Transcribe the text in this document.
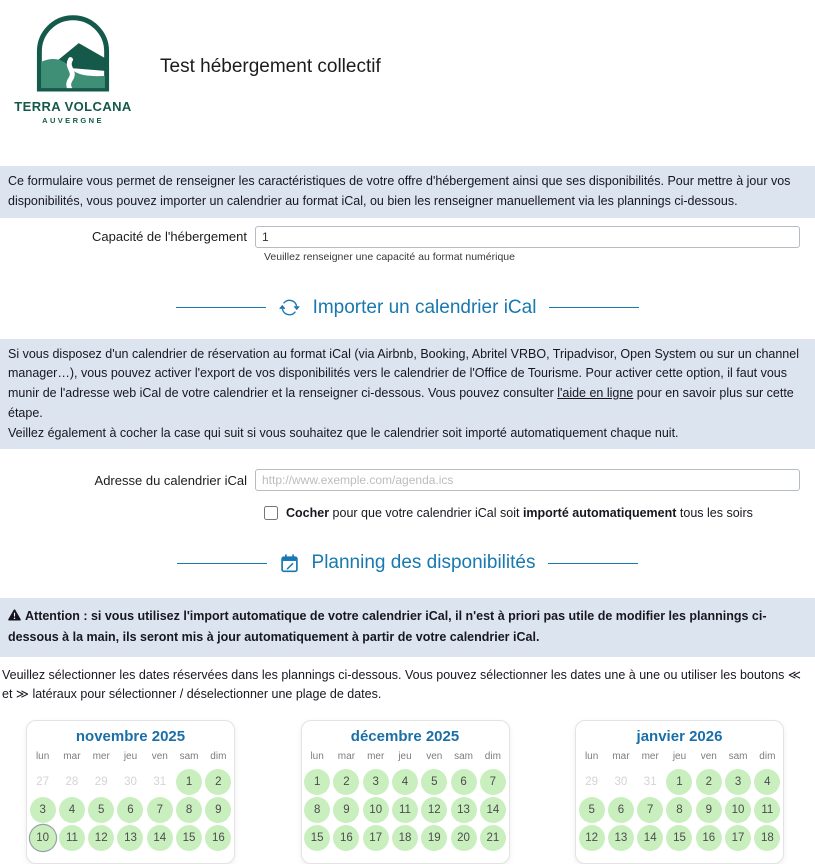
TERRA VOLCANA
AUVERGNE
Test hébergement collectif

Ce formulaire vous permet de renseigner les caractéristiques de votre offre d'hébergement ainsi que ses disponibilités. Pour mettre à jour vos disponibilités, vous pouvez importer un calendrier au format iCal, ou bien les renseigner manuellement via les plannings ci-dessous.

Capacité de l'hébergement
1
Veuillez renseigner une capacité au format numérique
Importer un calendrier iCal

Si vous disposez d'un calendrier de réservation au format iCal (via Airbnb, Booking, Abritel VRBO, Tripadvisor, Open System ou sur un channel manager…), vous pouvez activer l'export de vos disponibilités vers le calendrier de l'Office de Tourisme. Pour activer cette option, il faut vous munir de l'adresse web iCal de votre calendrier et la renseigner ci-dessous. Vous pouvez consulter l'aide en ligne pour en savoir plus sur cette étape.

Veillez également à cocher la case qui suit si vous souhaitez que le calendrier soit importé automatiquement chaque nuit.

Adresse du calendrier iCal
http://www.exemple.com/agenda.ics
Cocher pour que votre calendrier iCal soit importé automatiquement tous les soirs
Planning des disponibilités

Attention : si vous utilisez l'import automatique de votre calendrier iCal, il n'est à priori pas utile de modifier les plannings ci-dessous à la main, ils seront mis à jour automatiquement à partir de votre calendrier iCal.

Veuillez sélectionner les dates réservées dans les plannings ci-dessous. Vous pouvez sélectionner les dates une à une ou utiliser les boutons ≪ et ≫ latéraux pour sélectionner / déselectionner une plage de dates.

novembre 2025
lun	mar	mer	jeu	ven	sam	dim
27	28	29	30	31	1	2
3	4	5	6	7	8	9
10	11	12	13	14	15	16
décembre 2025
lun	mar	mer	jeu	ven	sam	dim
1	2	3	4	5	6	7
8	9	10	11	12	13	14
15	16	17	18	19	20	21
janvier 2026
lun	mar	mer	jeu	ven	sam	dim
29	30	31	1	2	3	4
5	6	7	8	9	10	11
12	13	14	15	16	17	18
